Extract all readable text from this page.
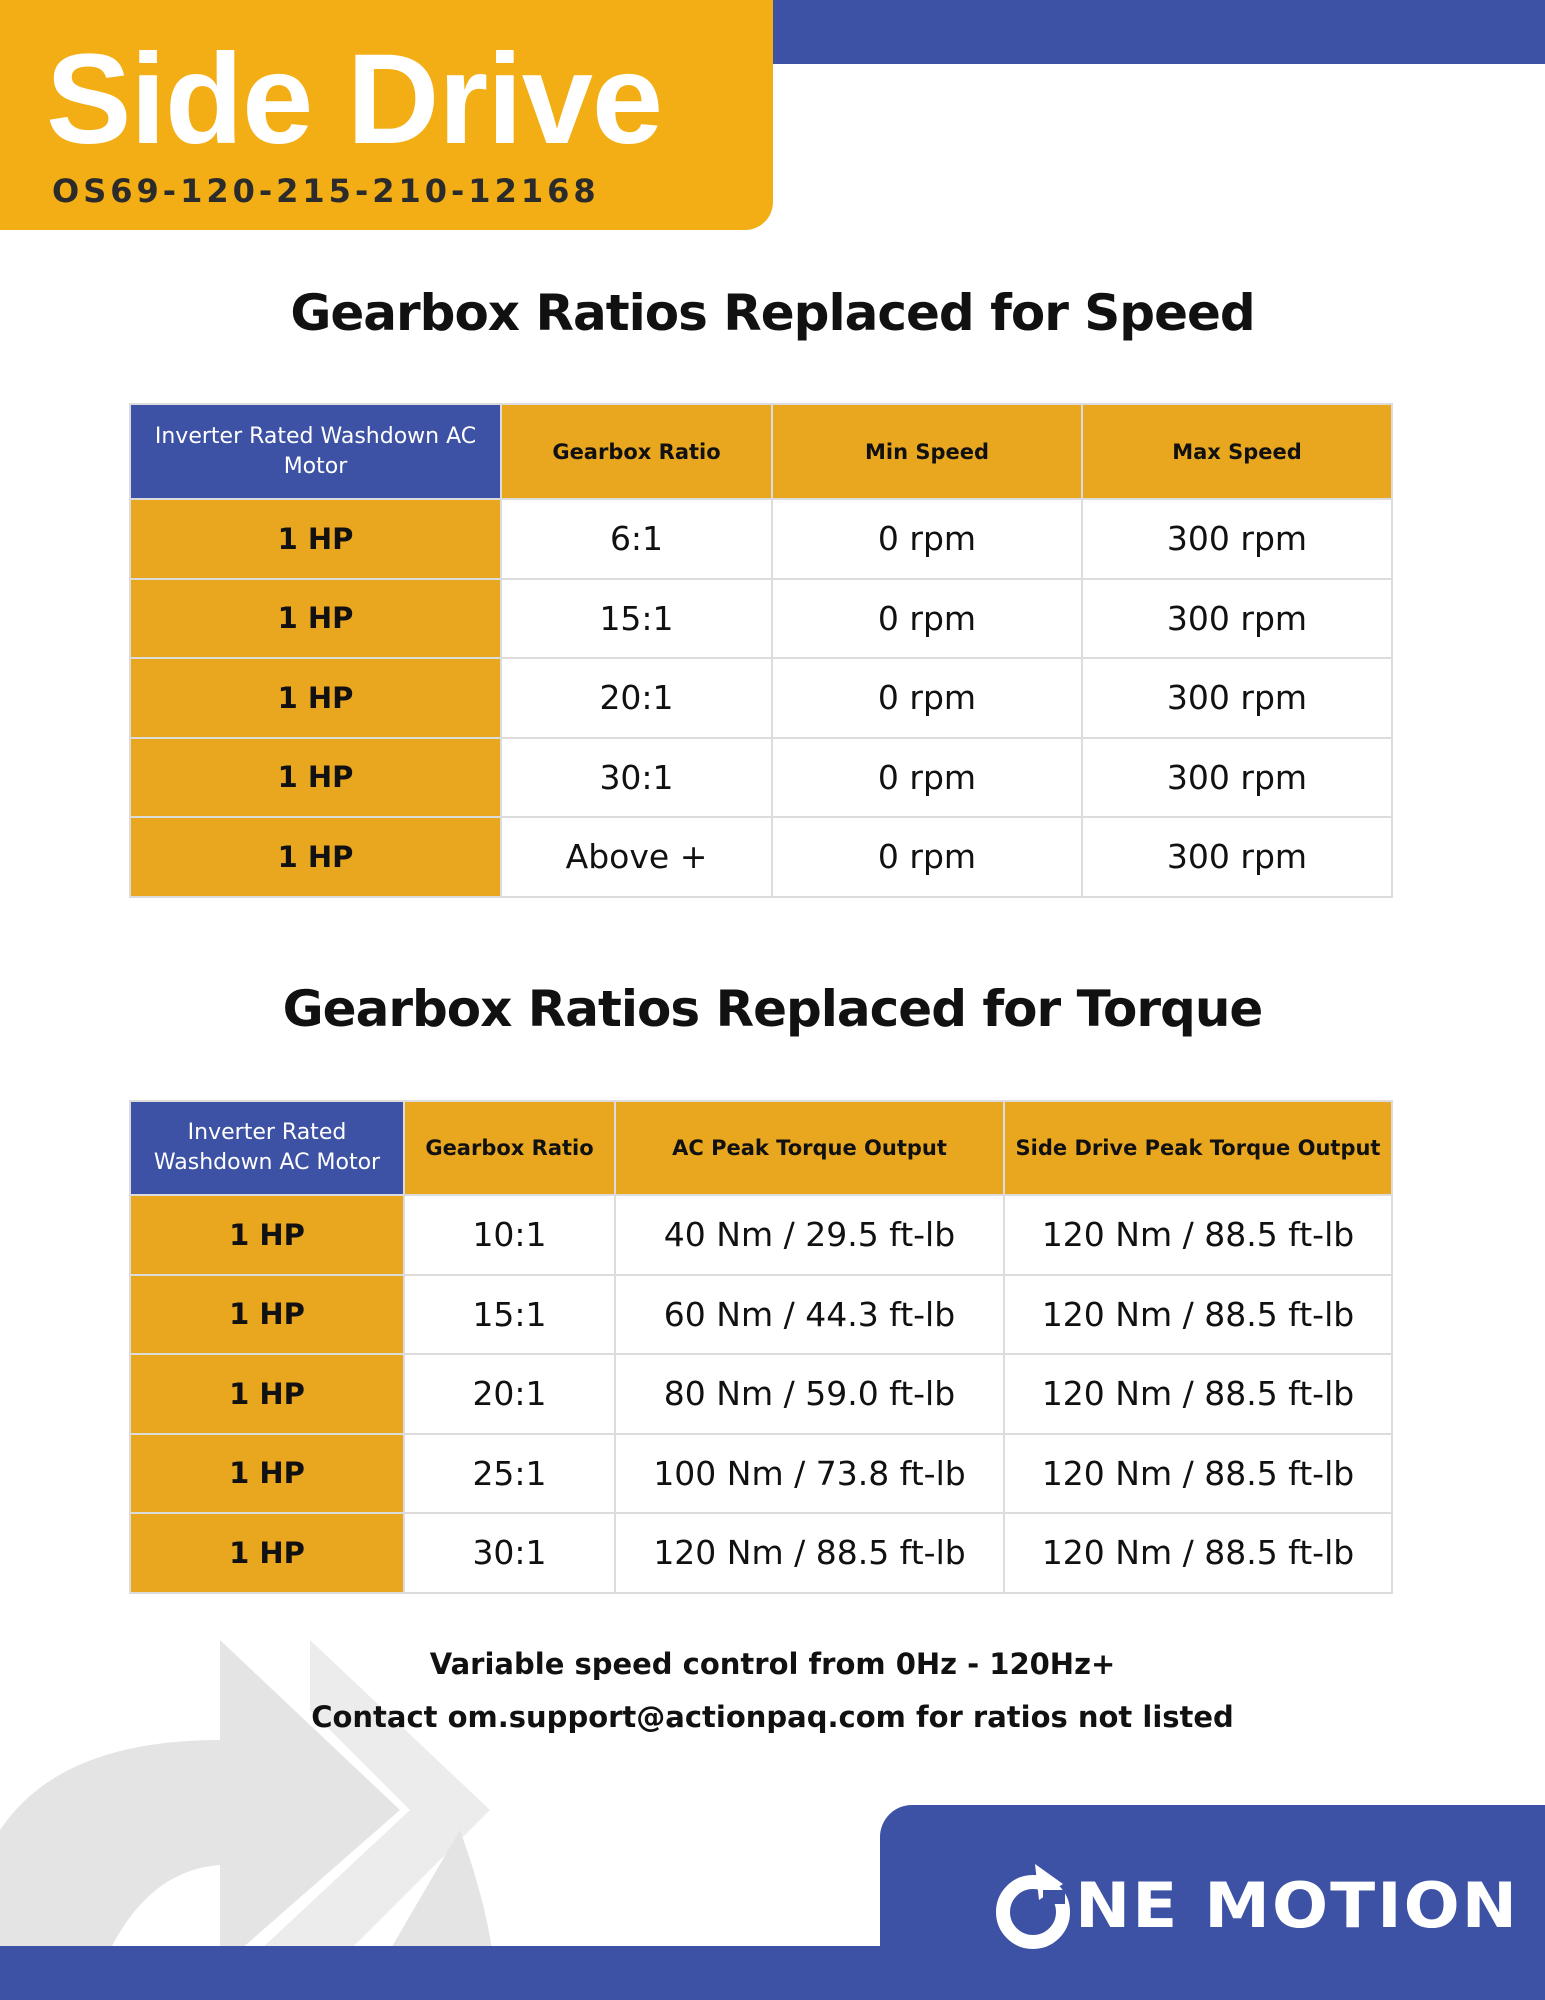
Side Drive
OS69-120-215-210-12168
Gearbox Ratios Replaced for Speed
Inverter Rated Washdown AC Motor	Gearbox Ratio	Min Speed	Max Speed
1 HP	6:1	0 rpm	300 rpm
1 HP	15:1	0 rpm	300 rpm
1 HP	20:1	0 rpm	300 rpm
1 HP	30:1	0 rpm	300 rpm
1 HP	Above +	0 rpm	300 rpm
Gearbox Ratios Replaced for Torque
Inverter Rated Washdown AC Motor	Gearbox Ratio	AC Peak Torque Output	Side Drive Peak Torque Output
1 HP	10:1	40 Nm / 29.5 ft-lb	120 Nm / 88.5 ft-lb
1 HP	15:1	60 Nm / 44.3 ft-lb	120 Nm / 88.5 ft-lb
1 HP	20:1	80 Nm / 59.0 ft-lb	120 Nm / 88.5 ft-lb
1 HP	25:1	100 Nm / 73.8 ft-lb	120 Nm / 88.5 ft-lb
1 HP	30:1	120 Nm / 88.5 ft-lb	120 Nm / 88.5 ft-lb
Variable speed control from 0Hz - 120Hz+
Contact om.support@actionpaq.com for ratios not listed
NE MOTION
